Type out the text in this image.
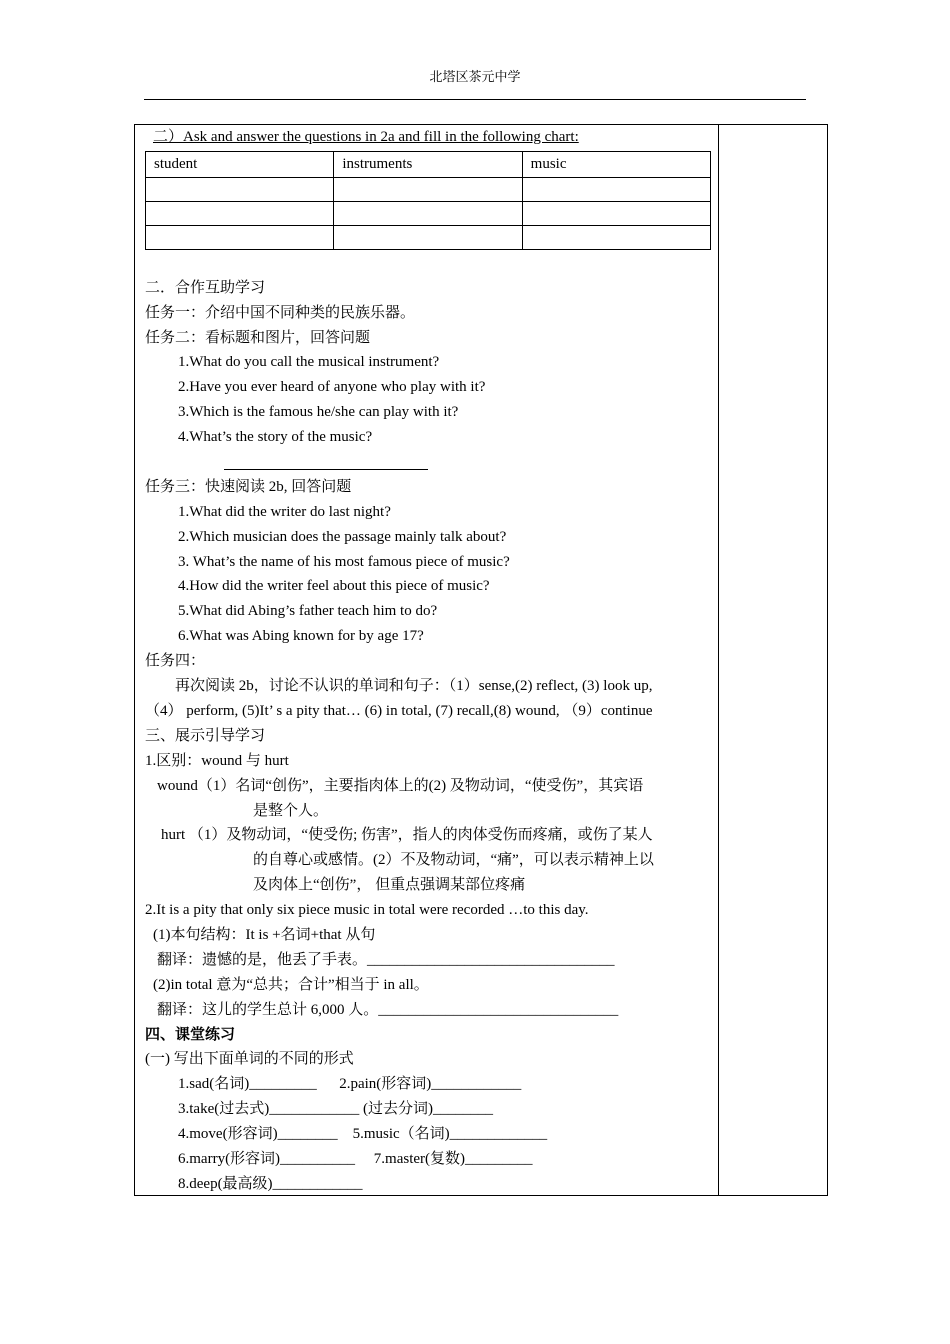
北塔区茶元中学
二）Ask and answer the questions in 2a and fill in the following chart:
student	instruments	music

二．合作互助学习
任务一：介绍中国不同种类的民族乐器。
任务二：看标题和图片，回答问题
1.What do you call the musical instrument?
2.Have you ever heard of anyone who play with it?
3.Which is the famous he/she can play with it?
4.What’s the story of the music?
任务三：快速阅读 2b, 回答问题
1.What did the writer do last night?
2.Which musician does the passage mainly talk about?
3. What’s the name of his most famous piece of music?
4.How did the writer feel about this piece of music?
5.What did Abing’s father teach him to do?
6.What was Abing known for by age 17?
任务四：
再次阅读 2b，讨论不认识的单词和句子：（1）sense,(2) reflect, (3) look up,
（4） perform, (5)It’ s a pity that… (6) in total, (7) recall,(8) wound, （9）continue
三、展示引导学习
1.区别：wound 与 hurt
wound（1）名词“创伤”，主要指肉体上的(2) 及物动词，“使受伤”，其宾语
是整个人。
hurt （1）及物动词，“使受伤; 伤害”，指人的肉体受伤而疼痛，或伤了某人
的自尊心或感情。(2）不及物动词，“痛”，可以表示精神上以
及肉体上“创伤”， 但重点强调某部位疼痛
2.It is a pity that only six piece music in total were recorded …to this day.
(1)本句结构：It is +名词+that 从句
翻译：遗憾的是，他丢了手表。_________________________________
(2)in total 意为“总共；合计”相当于 in all。
翻译：这儿的学生总计 6,000 人。________________________________
四、课堂练习
(一) 写出下面单词的不同的形式
1.sad(名词)_________      2.pain(形容词)____________
3.take(过去式)____________ (过去分词)________
4.move(形容词)________    5.music（名词)_____________
6.marry(形容词)__________     7.master(复数)_________
8.deep(最高级)____________
